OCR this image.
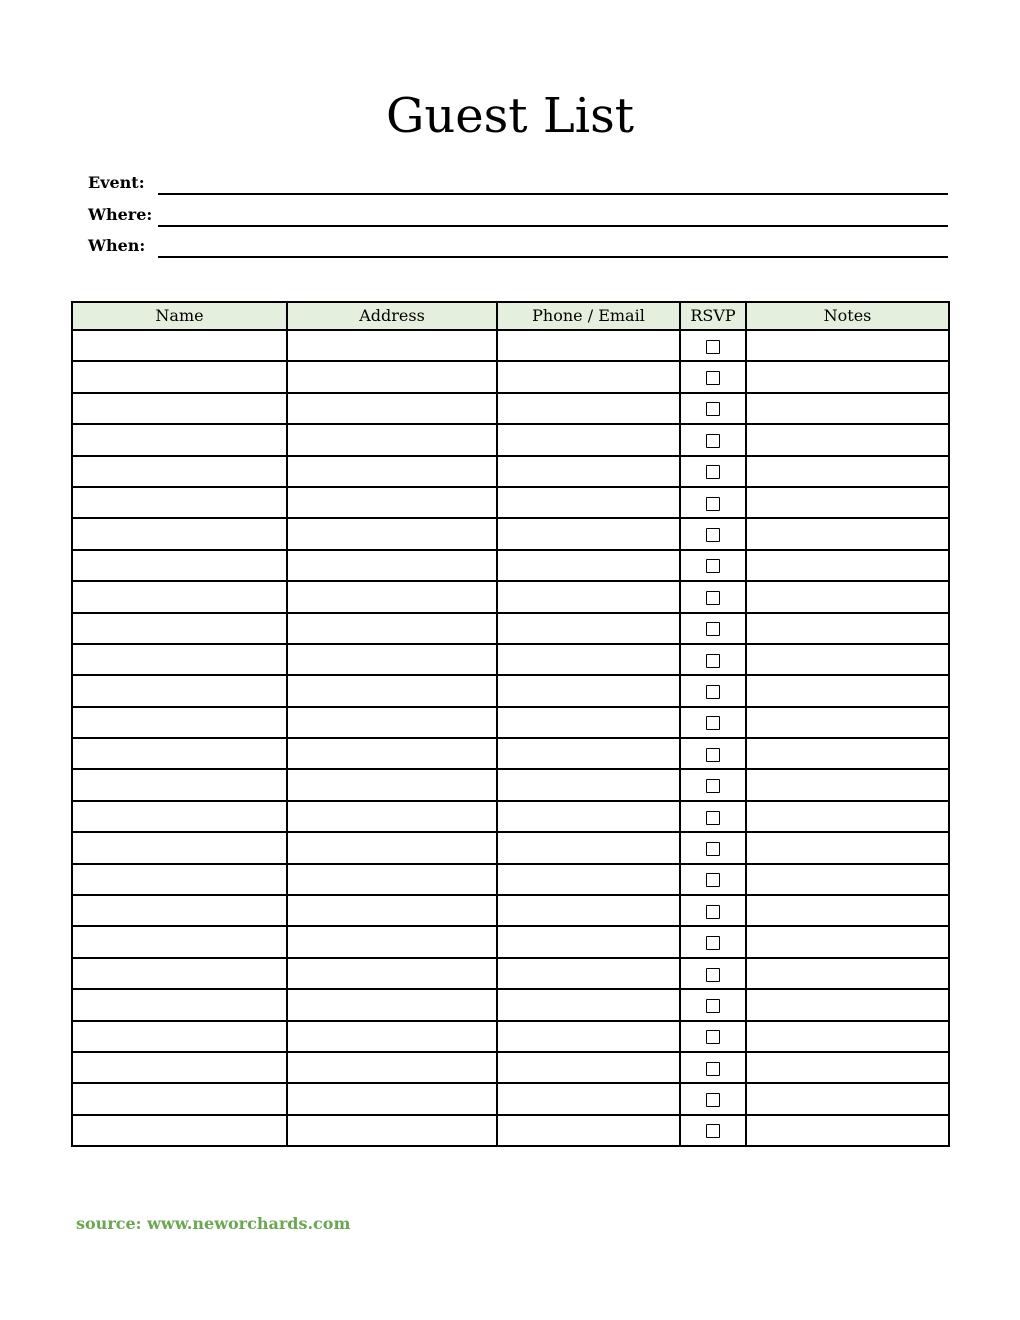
Guest List
Event:
Where:
When:
Name	Address	Phone / Email	RSVP	Notes

source: www.neworchards.com
